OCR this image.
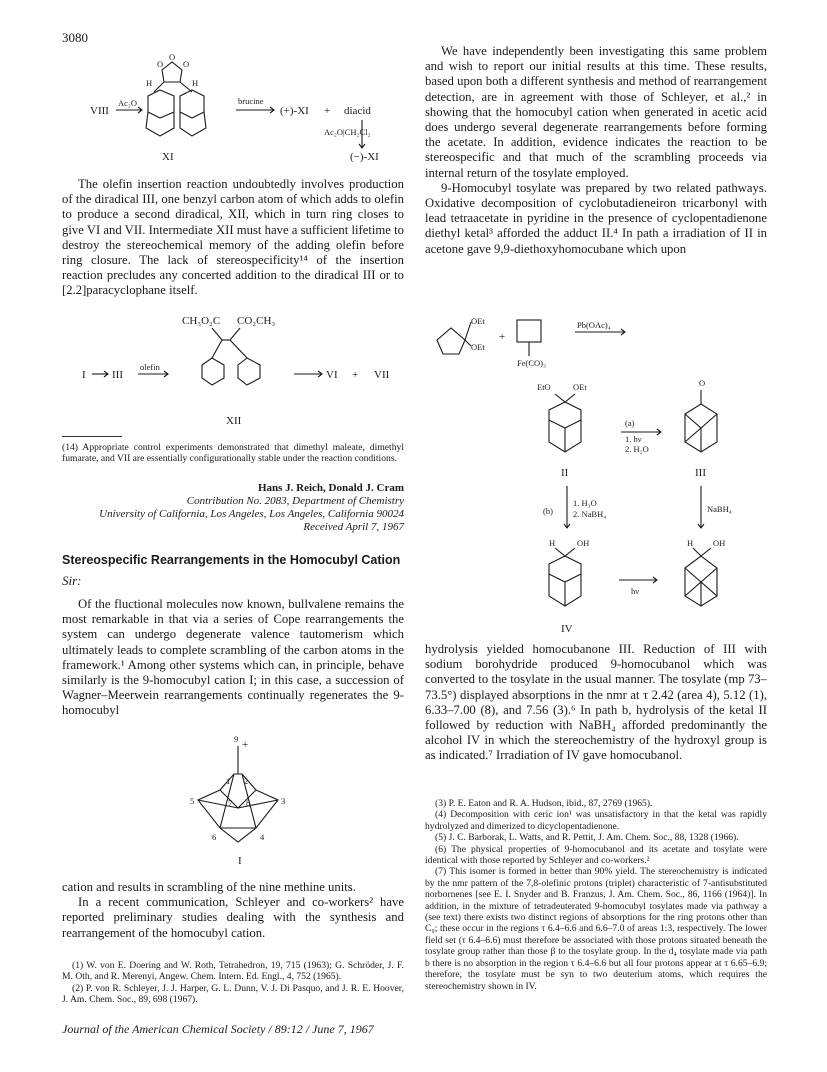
3080
VIII
Ac₂O
O
O
O
H	H
XI
brucine
(+)-XI + diacid
Ac₂O|CH₂Cl₂
(−)-XI

The olefin insertion reaction undoubtedly involves production of the diradical III, one benzyl carbon atom of which adds to olefin to produce a second diradical, XII, which in turn ring closes to give VI and VII. Intermediate XII must have a sufficient lifetime to destroy the stereochemical memory of the adding olefin before ring closure. The lack of stereospecificity¹⁴ of the insertion reaction precludes any concerted addition to the diradical III or to [2.2]paracyclophane itself.

CH₃O₂C CO₂CH₃
I III
olefin
VI + VII
XII

(14) Appropriate control experiments demonstrated that dimethyl maleate, dimethyl fumarate, and VII are essentially configurationally stable under the reaction conditions.

Hans J. Reich, Donald J. Cram
Contribution No. 2083, Department of Chemistry
University of California, Los Angeles, Los Angeles, California 90024
Received April 7, 1967
Stereospecific Rearrangements in the Homocubyl Cation
Sir:

Of the fluctional molecules now known, bullvalene remains the most remarkable in that via a series of Cope rearrangements the system can undergo degenerate valence tautomerism which ultimately leads to complete scrambling of the carbon atoms in the framework.¹ Among other systems which can, in principle, behave similarly is the 9-homocubyl cation I; in this case, a succession of Wagner–Meerwein rearrangements continually regenerates the 9-homocubyl

9 +
1 2
5	7 8	3
6	4
I

cation and results in scrambling of the nine methine units.

In a recent communication, Schleyer and co-workers² have reported preliminary studies dealing with the synthesis and rearrangement of the homocubyl cation.

(1) W. von E. Doering and W. Roth, Tetrahedron, 19, 715 (1963); G. Schröder, J. F. M. Oth, and R. Merenyi, Angew. Chem. Intern. Ed. Engl., 4, 752 (1965).

(2) P. von R. Schleyer, J. J. Harper, G. L. Dunn, V. J. Di Pasquo, and J. R. E. Hoover, J. Am. Chem. Soc., 89, 698 (1967).

We have independently been investigating this same problem and wish to report our initial results at this time. These results, based upon both a different synthesis and method of rearrangement detection, are in agreement with those of Schleyer, et al.,² in showing that the homocubyl cation when generated in acetic acid does undergo several degenerate rearrangements before forming the acetate. In addition, evidence indicates the reaction to be stereospecific and that much of the scrambling proceeds via internal return of the tosylate employed.

9-Homocubyl tosylate was prepared by two related pathways. Oxidative decomposition of cyclobutadieneiron tricarbonyl with lead tetraacetate in pyridine in the presence of cyclopentadienone diethyl ketal³ afforded the adduct II.⁴ In path a irradiation of II in acetone gave 9,9-diethoxyhomocubane which upon

OEt
OEt
+
Fe(CO)₃
Pb(OAc)₄
EtO	OEt
II
(a)
1. hν
2. H₂O
O
III
(b)
1. H₃O
2. NaBH₄	NaBH₄
H	OH
IV
hν
H OH

hydrolysis yielded homocubanone III. Reduction of III with sodium borohydride produced 9-homocubanol which was converted to the tosylate in the usual manner. The tosylate (mp 73–73.5°) displayed absorptions in the nmr at τ 2.42 (area 4), 5.12 (1), 6.33–7.00 (8), and 7.56 (3).⁶ In path b, hydrolysis of the ketal II followed by reduction with NaBH₄ afforded predominantly the alcohol IV in which the stereochemistry of the hydroxyl group is as indicated.⁷ Irradiation of IV gave homocubanol.

(3) P. E. Eaton and R. A. Hudson, ibid., 87, 2769 (1965).

(4) Decomposition with ceric ion¹ was unsatisfactory in that the ketal was rapidly hydrolyzed and dimerized to dicyclopentadienone.

(5) J. C. Barborak, L. Watts, and R. Pettit, J. Am. Chem. Soc., 88, 1328 (1966).

(6) The physical properties of 9-homocubanol and its acetate and tosylate were identical with those reported by Schleyer and co-workers.²

(7) This isomer is formed in better than 90% yield. The stereochemistry is indicated by the nmr pattern of the 7,8-olefinic protons (triplet) characteristic of 7-antisubstituted norbornenes [see E. I. Snyder and B. Franzus, J. Am. Chem. Soc., 86, 1166 (1964)]. In addition, in the mixture of tetradeuterated 9-homocubyl tosylates made via pathway a (see text) there exists two distinct regions of absorptions for the ring protons other than C₉; these occur in the regions τ 6.4–6.6 and 6.6–7.0 of areas 1:3, respectively. The lower field set (τ 6.4–6.6) must therefore be associated with those protons situated beneath the tosylate group rather than those β to the tosylate group. In the d₄ tosylate made via path b there is no absorption in the region τ 6.4–6.6 but all four protons appear at τ 6.65–6.9; therefore, the tosylate must be syn to two deuterium atoms, which requires the stereochemistry shown in IV.

Journal of the American Chemical Society / 89:12 / June 7, 1967
